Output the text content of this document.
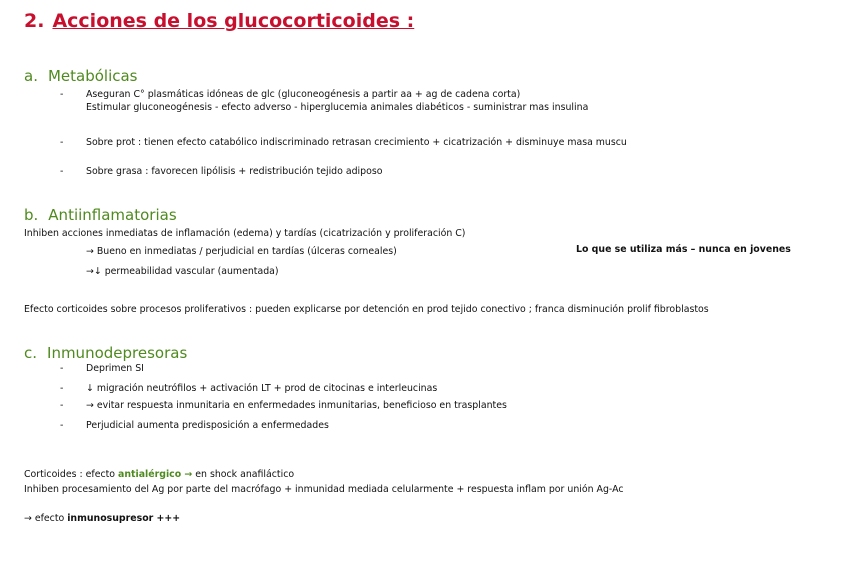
2. Acciones de los glucocorticoides :
a. Metabólicas
- Aseguran C° plasmáticas idóneas de glc (gluconeogénesis a partir aa + ag de cadena corta)
Estimular gluconeogénesis - efecto adverso - hiperglucemia animales diabéticos - suministrar mas insulina
- Sobre prot : tienen efecto catabólico indiscriminado retrasan crecimiento + cicatrización + disminuye masa muscu
- Sobre grasa : favorecen lipólisis + redistribución tejido adiposo
b. Antiinflamatorias
Inhiben acciones inmediatas de inflamación (edema) y tardías (cicatrización y proliferación C)
→ Bueno en inmediatas / perjudicial en tardías (úlceras corneales)	Lo que se utiliza más – nunca en jovenes
→↓ permeabilidad vascular (aumentada)
Efecto corticoides sobre procesos proliferativos : pueden explicarse por detención en prod tejido conectivo ; franca disminución prolif fibroblastos
c. Inmunodepresoras
- Deprimen SI
- ↓ migración neutrófilos + activación LT + prod de citocinas e interleucinas
- → evitar respuesta inmunitaria en enfermedades inmunitarias, beneficioso en trasplantes
- Perjudicial aumenta predisposición a enfermedades
Corticoides : efecto antialérgico → en shock anafiláctico
Inhiben procesamiento del Ag por parte del macrófago + inmunidad mediada celularmente + respuesta inflam por unión Ag-Ac
→ efecto inmunosupresor +++
